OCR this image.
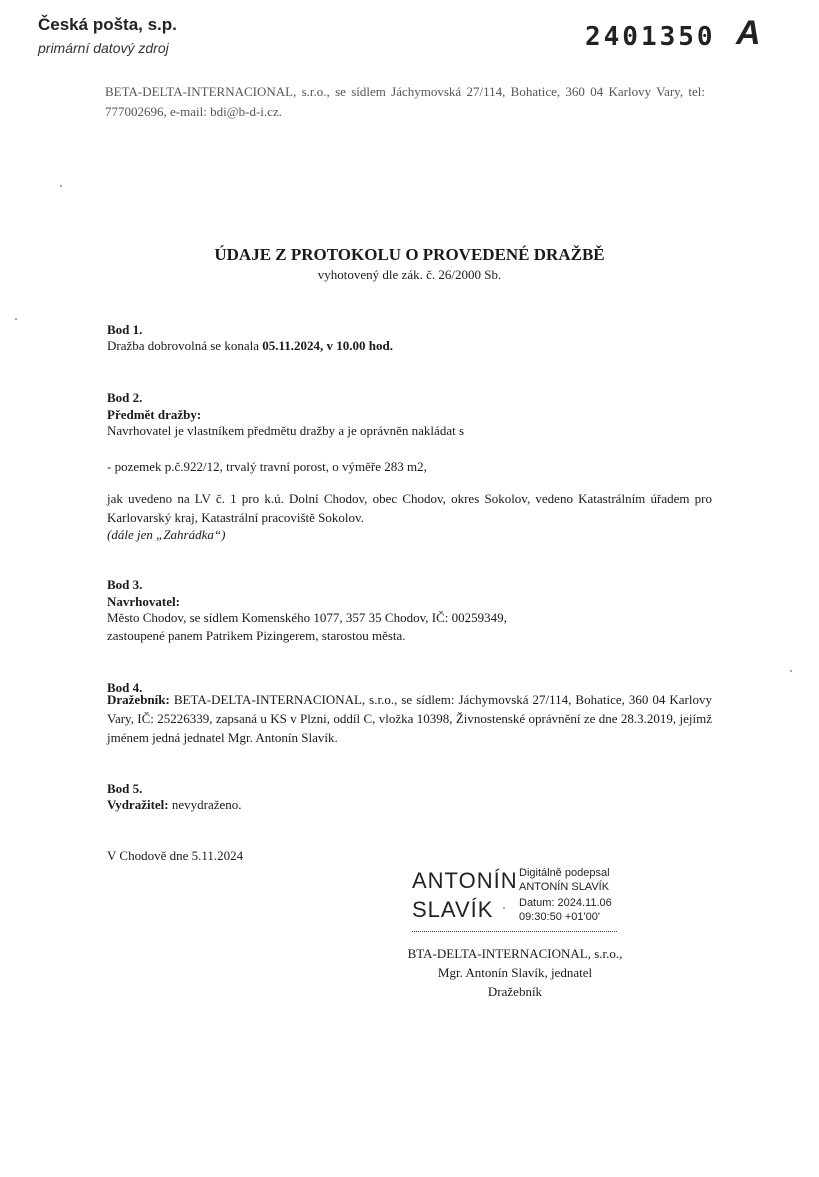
Česká pošta, s.p.
primární datový zdroj	2401350 A
BETA-DELTA-INTERNACIONAL, s.r.o., se sídlem Jáchymovská 27/114, Bohatice, 360 04 Karlovy Vary, tel: 777002696, e-mail: bdi@b-d-i.cz.
ÚDAJE Z PROTOKOLU O PROVEDENÉ DRAŽBĚ
vyhotovený dle zák. č. 26/2000 Sb.
Bod 1.
Dražba dobrovolná se konala 05.11.2024, v 10.00 hod.
Bod 2.
Předmět dražby:
Navrhovatel je vlastníkem předmětu dražby a je oprávněn nakládat s
- pozemek p.č.922/12, trvalý travní porost, o výměře 283 m2,
jak uvedeno na LV č. 1 pro k.ú. Dolní Chodov, obec Chodov, okres Sokolov, vedeno Katastrálním úřadem pro Karlovarský kraj, Katastrální pracoviště Sokolov.
(dále jen „Zahrádka“)
Bod 3.
Navrhovatel:
Město Chodov, se sídlem Komenského 1077, 357 35 Chodov, IČ: 00259349,
zastoupené panem Patrikem Pizingerem, starostou města.
Bod 4.
Dražebník: BETA-DELTA-INTERNACIONAL, s.r.o., se sídlem: Jáchymovská 27/114, Bohatice, 360 04 Karlovy Vary, IČ: 25226339, zapsaná u KS v Plzni, oddíl C, vložka 10398, Živnostenské oprávnění ze dne 28.3.2019, jejímž jménem jedná jednatel Mgr. Antonín Slavík.
Bod 5.
Vydražitel: nevydraženo.
V Chodově dne 5.11.2024
ANTONÍN
SLAVÍK
Digitálně podepsal
ANTONÍN SLAVÍK
Datum: 2024.11.06
09:30:50 +01'00'
BTA-DELTA-INTERNACIONAL, s.r.o.,
Mgr. Antonín Slavík, jednatel
Dražebník
